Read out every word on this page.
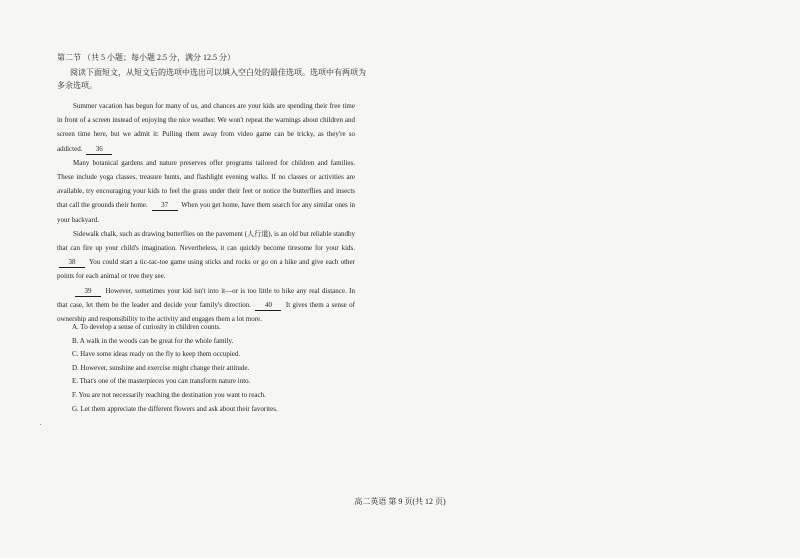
第二节 （共 5 小题；每小题 2.5 分，满分 12.5 分）
阅读下面短文，从短文后的选项中选出可以填入空白处的最佳选项。选项中有两项为多余选项。

Summer vacation has begun for many of us, and chances are your kids are spending their free time in front of a screen instead of enjoying the nice weather. We won't repeat the warnings about children and screen time here, but we admit it: Pulling them away from video game can be tricky, as they're so addicted. 36

Many botanical gardens and nature preserves offer programs tailored for children and families. These include yoga classes, treasure hunts, and flashlight evening walks. If no classes or activities are available, try encouraging your kids to feel the grass under their feet or notice the butterflies and insects that call the grounds their home. 37 When you get home, have them search for any similar ones in your backyard.

Sidewalk chalk, such as drawing butterflies on the pavement (人行道), is an old but reliable standby that can fire up your child's imagination. Nevertheless, it can quickly become tiresome for your kids. 38 You could start a tic-tac-toe game using sticks and rocks or go on a hike and give each other points for each animal or tree they see.

39 However, sometimes your kid isn't into it—or is too little to hike any real distance. In that case, let them be the leader and decide your family's direction. 40 It gives them a sense of ownership and responsibility to the activity and engages them a lot more.

A. To develop a sense of curiosity in children counts.
B. A walk in the woods can be great for the whole family.
C. Have some ideas ready on the fly to keep them occupied.
D. However, sunshine and exercise might change their attitude.
E. That's one of the masterpieces you can transform nature into.
F. You are not necessarily reaching the destination you want to reach.
G. Let them appreciate the different flowers and ask about their favorites.
高二英语 第 9 页(共 12 页)
